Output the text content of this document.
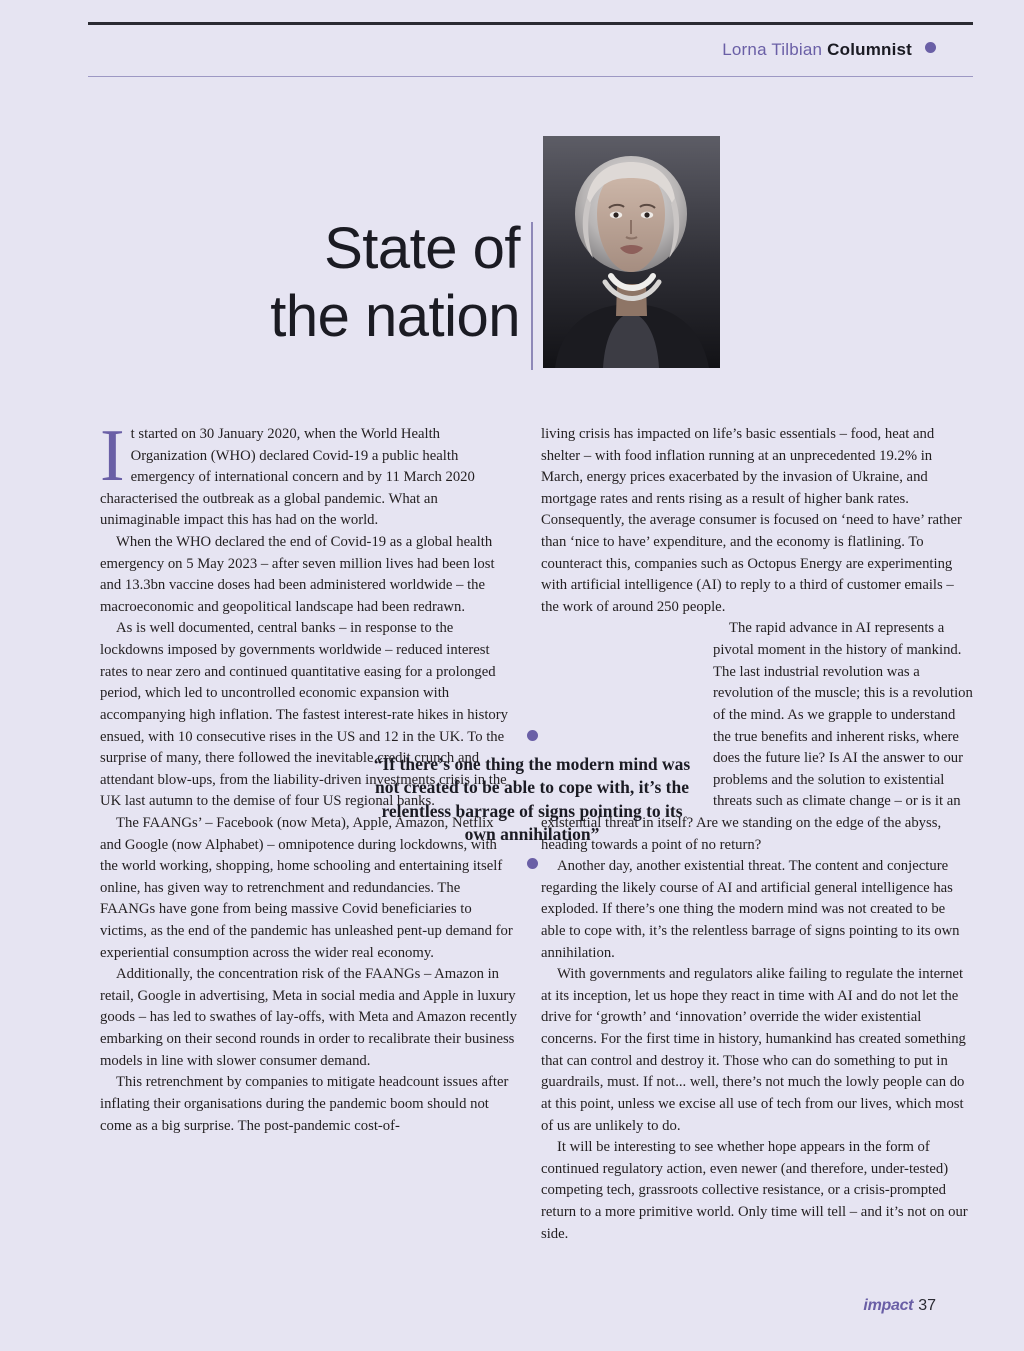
Lorna Tilbian Columnist
State of
the nation

It started on 30 January 2020, when the World Health Organization (WHO) declared Covid-19 a public health emergency of international concern and by 11 March 2020 characterised the outbreak as a global pandemic. What an unimaginable impact this has had on the world.

When the WHO declared the end of Covid-19 as a global health emergency on 5 May 2023 – after seven million lives had been lost and 13.3bn vaccine doses had been administered worldwide – the macroeconomic and geopolitical landscape had been redrawn.

As is well documented, central banks – in response to the lockdowns imposed by governments worldwide – reduced interest rates to near zero and continued quantitative easing for a prolonged period, which led to uncontrolled economic expansion with accompanying high inflation. The fastest interest-rate hikes in history ensued, with 10 consecutive rises in the US and 12 in the UK. To the surprise of many, there followed the inevitable credit crunch and attendant blow-ups, from the liability-driven investments crisis in the UK last autumn to the demise of four US regional banks.

The FAANGs’ – Facebook (now Meta), Apple, Amazon, Netflix and Google (now Alphabet) – omnipotence during lockdowns, with the world working, shopping, home schooling and entertaining itself online, has given way to retrenchment and redundancies. The FAANGs have gone from being massive Covid beneficiaries to victims, as the end of the pandemic has unleashed pent-up demand for experiential consumption across the wider real economy.

Additionally, the concentration risk of the FAANGs – Amazon in retail, Google in advertising, Meta in social media and Apple in luxury goods – has led to swathes of lay-offs, with Meta and Amazon recently embarking on their second rounds in order to recalibrate their business models in line with slower consumer demand.

This retrenchment by companies to mitigate headcount issues after inflating their organisations during the pandemic boom should not come as a big surprise. The post-pandemic cost-of-

living crisis has impacted on life’s basic essentials – food, heat and shelter – with food inflation running at an unprecedented 19.2% in March, energy prices exacerbated by the invasion of Ukraine, and mortgage rates and rents rising as a result of higher bank rates. Consequently, the average consumer is focused on ‘need to have’ rather than ‘nice to have’ expenditure, and the economy is flatlining. To counteract this, companies such as Octopus Energy are experimenting with artificial intelligence (AI) to reply to a third of customer emails – the work of around 250 people.

The rapid advance in AI represents a pivotal moment in the history of mankind. The last industrial revolution was a revolution of the muscle; this is a revolution of the mind. As we grapple to understand the true benefits and inherent risks, where does the future lie? Is AI the answer to our problems and the solution to existential threats such as climate change – or is it an existential threat in itself? Are we standing on the edge of the abyss, heading towards a point of no return?

Another day, another existential threat. The content and conjecture regarding the likely course of AI and artificial general intelligence has exploded. If there’s one thing the modern mind was not created to be able to cope with, it’s the relentless barrage of signs pointing to its own annihilation.

With governments and regulators alike failing to regulate the internet at its inception, let us hope they react in time with AI and do not let the drive for ‘growth’ and ‘innovation’ override the wider existential concerns. For the first time in history, humankind has created something that can control and destroy it. Those who can do something to put in guardrails, must. If not... well, there’s not much the lowly people can do at this point, unless we excise all use of tech from our lives, which most of us are unlikely to do.

It will be interesting to see whether hope appears in the form of continued regulatory action, even newer (and therefore, under-tested) competing tech, grassroots collective resistance, or a crisis-prompted return to a more primitive world. Only time will tell – and it’s not on our side.

“If there’s one thing the modern mind was not created to be able to cope with, it’s the relentless barrage of signs pointing to its own annihilation”
impact 37
